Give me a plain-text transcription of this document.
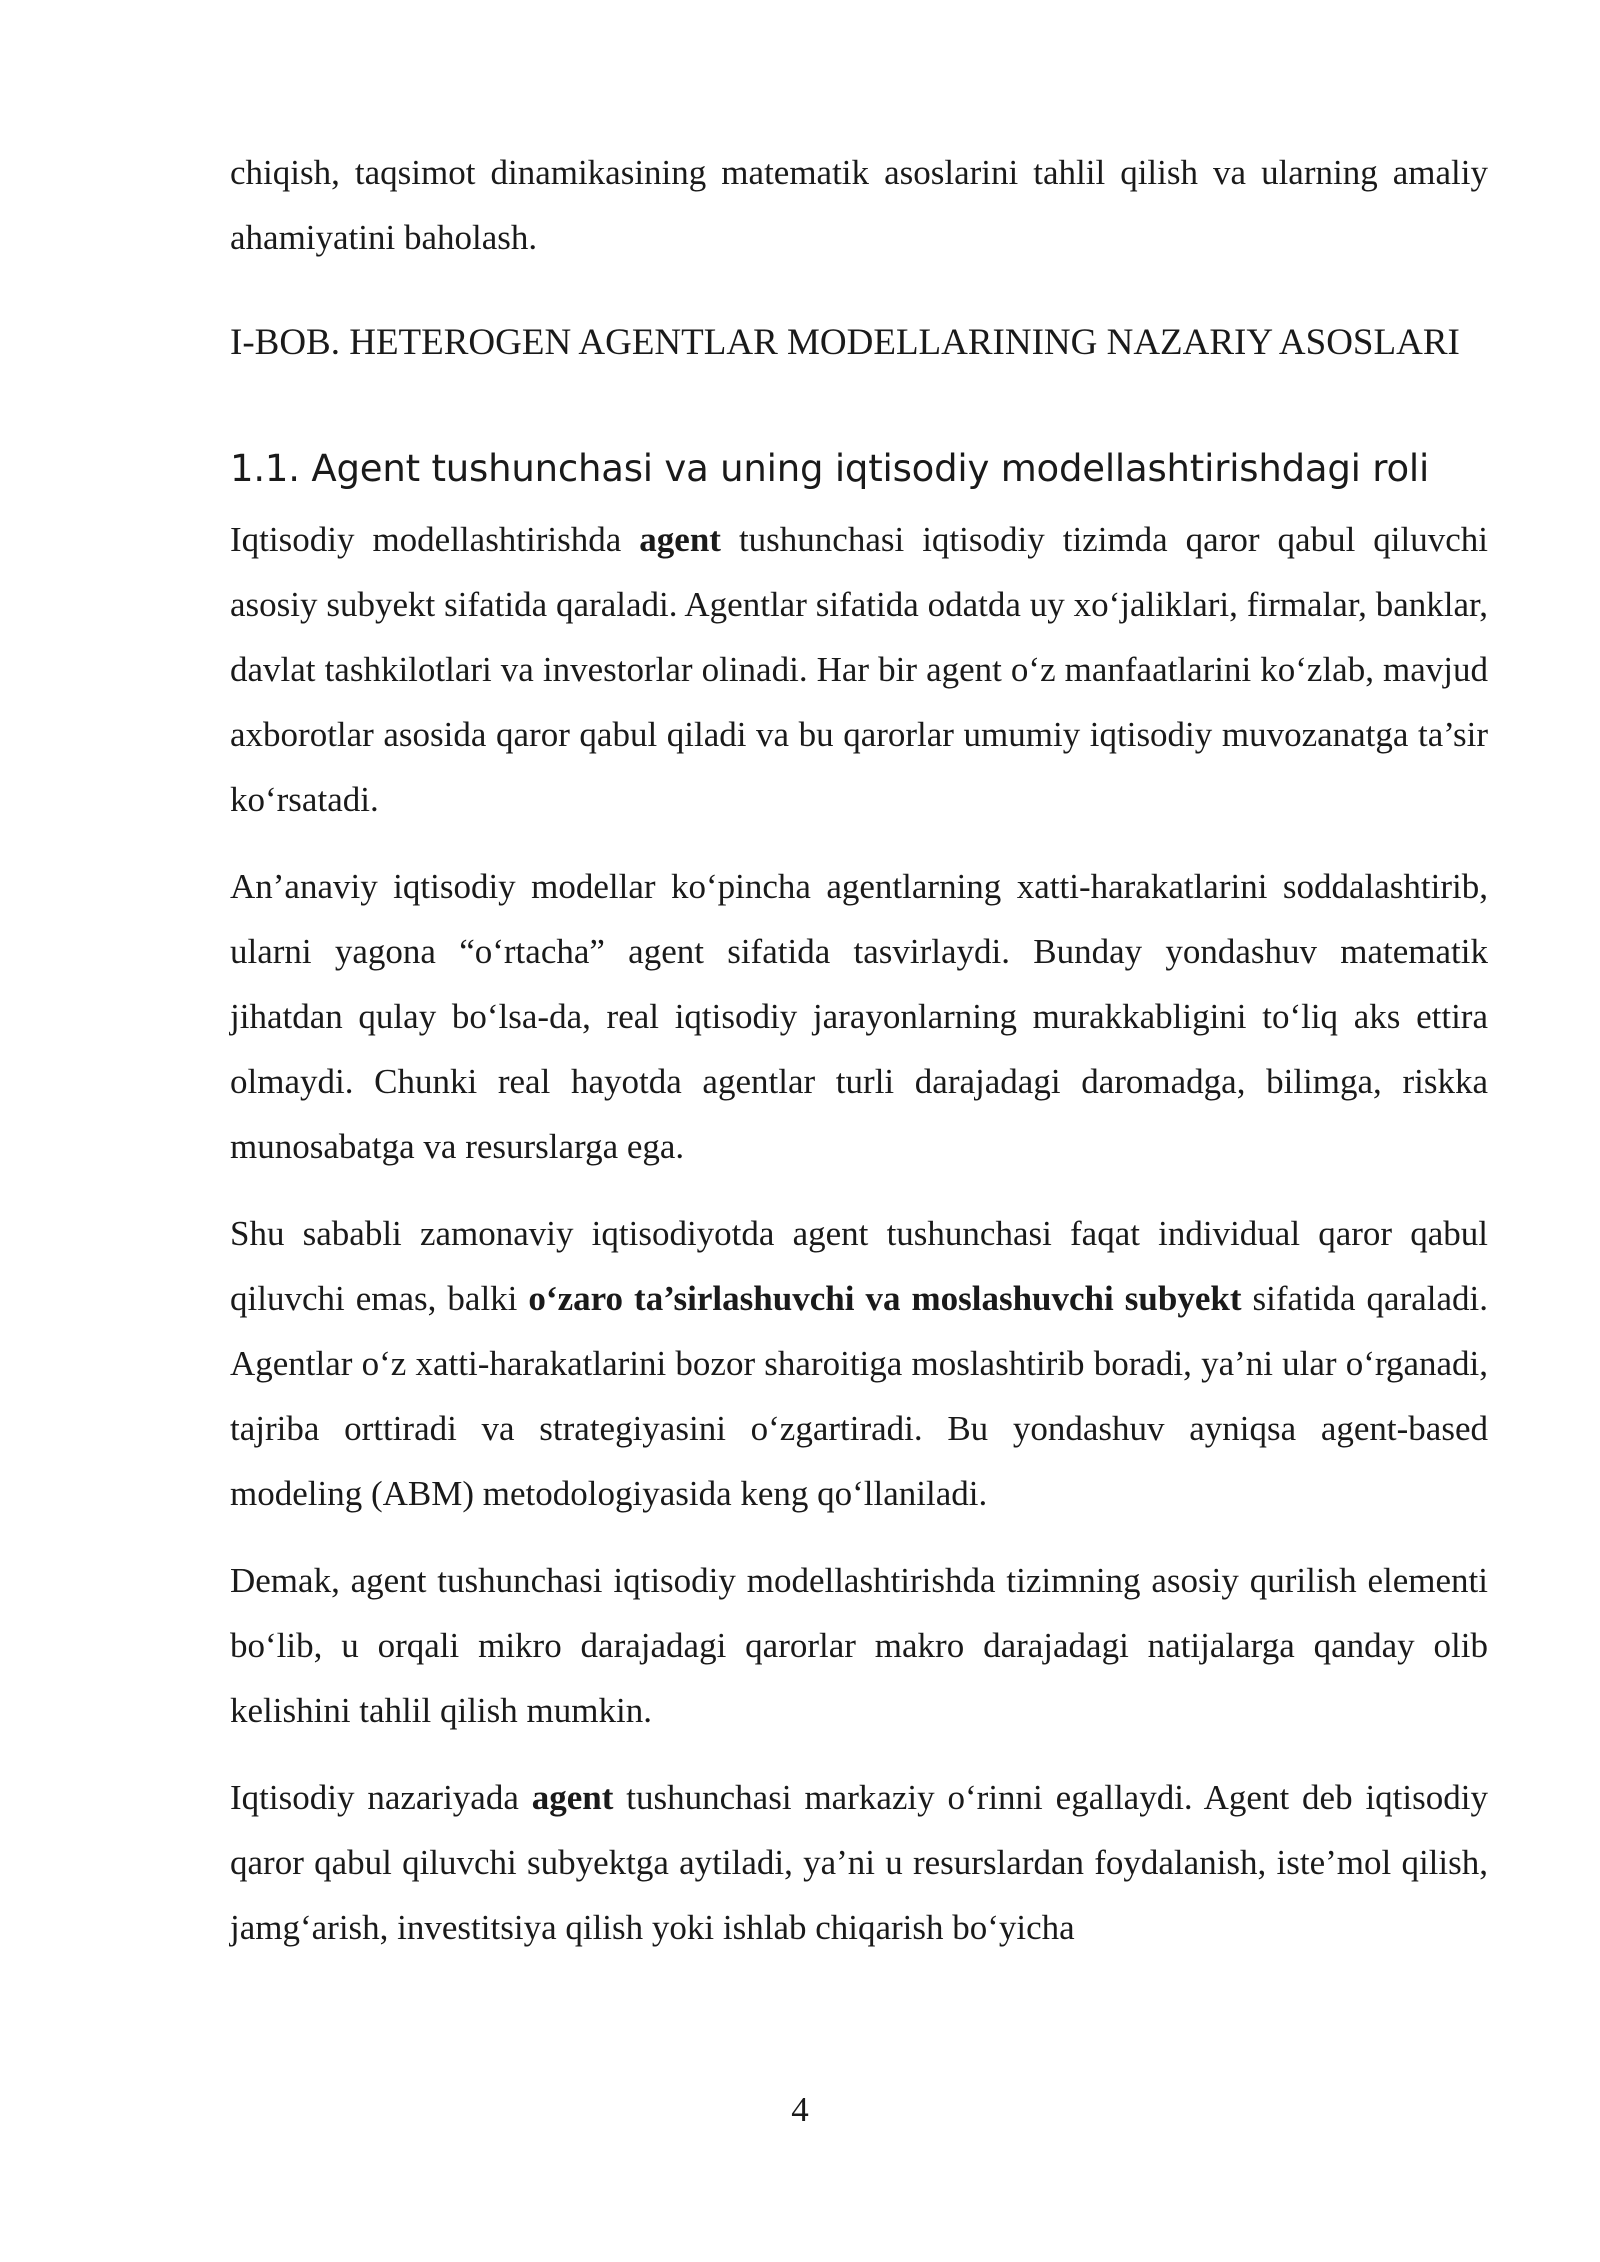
chiqish, taqsimot dinamikasining matematik asoslarini tahlil qilish va ularning amaliy ahamiyatini baholash.

I-BOB. HETEROGEN AGENTLAR MODELLARINING NAZARIY ASOSLARI
1.1. Agent tushunchasi va uning iqtisodiy modellashtirishdagi roli

Iqtisodiy modellashtirishda agent tushunchasi iqtisodiy tizimda qaror qabul qiluvchi asosiy subyekt sifatida qaraladi. Agentlar sifatida odatda uy xo‘jaliklari, firmalar, banklar, davlat tashkilotlari va investorlar olinadi. Har bir agent o‘z manfaatlarini ko‘zlab, mavjud axborotlar asosida qaror qabul qiladi va bu qarorlar umumiy iqtisodiy muvozanatga ta’sir ko‘rsatadi.

An’anaviy iqtisodiy modellar ko‘pincha agentlarning xatti-harakatlarini soddalashtirib, ularni yagona “o‘rtacha” agent sifatida tasvirlaydi. Bunday yondashuv matematik jihatdan qulay bo‘lsa-da, real iqtisodiy jarayonlarning murakkabligini to‘liq aks ettira olmaydi. Chunki real hayotda agentlar turli darajadagi daromadga, bilimga, riskka munosabatga va resurslarga ega.

Shu sababli zamonaviy iqtisodiyotda agent tushunchasi faqat individual qaror qabul qiluvchi emas, balki o‘zaro ta’sirlashuvchi va moslashuvchi subyekt sifatida qaraladi. Agentlar o‘z xatti-harakatlarini bozor sharoitiga moslashtirib boradi, ya’ni ular o‘rganadi, tajriba orttiradi va strategiyasini o‘zgartiradi. Bu yondashuv ayniqsa agent-based modeling (ABM) metodologiyasida keng qo‘llaniladi.

Demak, agent tushunchasi iqtisodiy modellashtirishda tizimning asosiy qurilish elementi bo‘lib, u orqali mikro darajadagi qarorlar makro darajadagi natijalarga qanday olib kelishini tahlil qilish mumkin.

Iqtisodiy nazariyada agent tushunchasi markaziy o‘rinni egallaydi. Agent deb iqtisodiy qaror qabul qiluvchi subyektga aytiladi, ya’ni u resurslardan foydalanish, iste’mol qilish, jamg‘arish, investitsiya qilish yoki ishlab chiqarish bo‘yicha

4
